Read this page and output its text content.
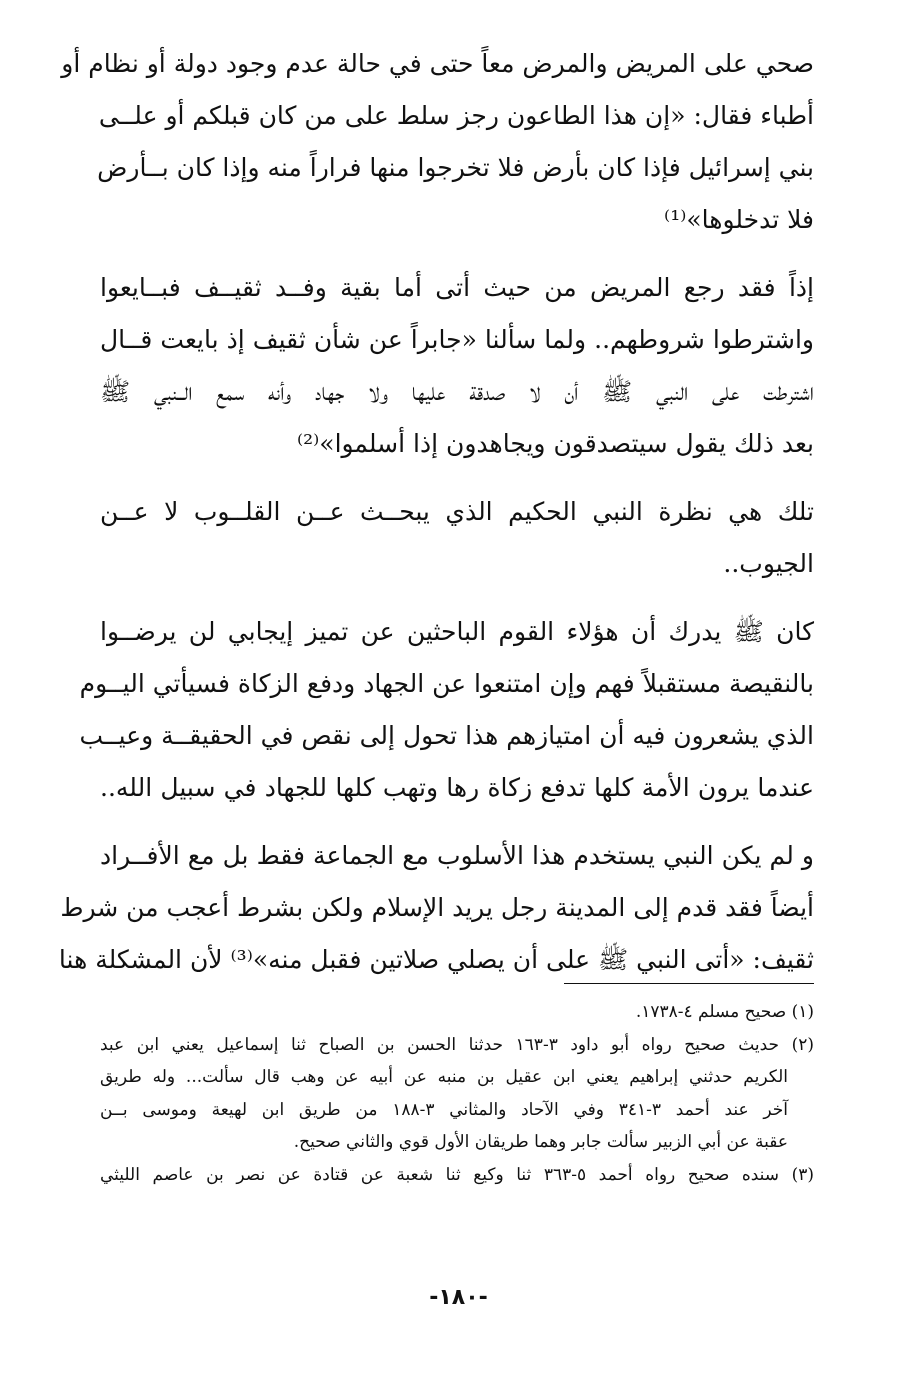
صحي على المريض والمرض معاً حتى في حالة عدم وجود دولة أو نظام أو
أطباء فقال: «إن هذا الطاعون رجز سلط على من كان قبلكم أو علــى
بني إسرائيل فإذا كان بأرض فلا تخرجوا منها فراراً منه وإذا كان بــأرض
فلا تدخلوها»⁽¹⁾
إذاً فقد رجع المريض من حيث أتى أما بقية وفــد ثقيــف فبــايعوا
واشترطوا شروطهم.. ولما سألنا «جابراً عن شأن ثقيف إذ بايعت قــال
اشترطت على النبي ﷺ أن لا صدقة عليها ولا جهاد وأنه سمع الــنبي ﷺ
بعد ذلك يقول سيتصدقون ويجاهدون إذا أسلموا»⁽²⁾
تلك هي نظرة النبي الحكيم الذي يبحــث عــن القلــوب لا عــن
الجيوب..
كان ﷺ يدرك أن هؤلاء القوم الباحثين عن تميز إيجابي لن يرضــوا
بالنقيصة مستقبلاً فهم وإن امتنعوا عن الجهاد ودفع الزكاة فسيأتي اليــوم
الذي يشعرون فيه أن امتيازهم هذا تحول إلى نقص في الحقيقــة وعيــب
عندما يرون الأمة كلها تدفع زكاة رها وتهب كلها للجهاد في سبيل الله..
و لم يكن النبي يستخدم هذا الأسلوب مع الجماعة فقط بل مع الأفــراد
أيضاً فقد قدم إلى المدينة رجل يريد الإسلام ولكن بشرط أعجب من شرط
ثقيف: «أتى النبي ﷺ على أن يصلي صلاتين فقبل منه»⁽³⁾ لأن المشكلة هنا
(١) صحيح مسلم ٤-١٧٣٨.
(٢) حديث صحيح رواه أبو داود ٣-١٦٣ حدثنا الحسن بن الصباح ثنا إسماعيل يعني ابن عبد
الكريم حدثني إبراهيم يعني ابن عقيل بن منبه عن أبيه عن وهب قال سألت... وله طريق
آخر عند أحمد ٣-٣٤١ وفي الآحاد والمثاني ٣-١٨٨ من طريق ابن لهيعة وموسى بــن
عقبة عن أبي الزبير سألت جابر وهما طريقان الأول قوي والثاني صحيح.
(٣) سنده صحيح رواه أحمد ٥-٣٦٣ ثنا وكيع ثنا شعبة عن قتادة عن نصر بن عاصم الليثي
-١٨٠-
